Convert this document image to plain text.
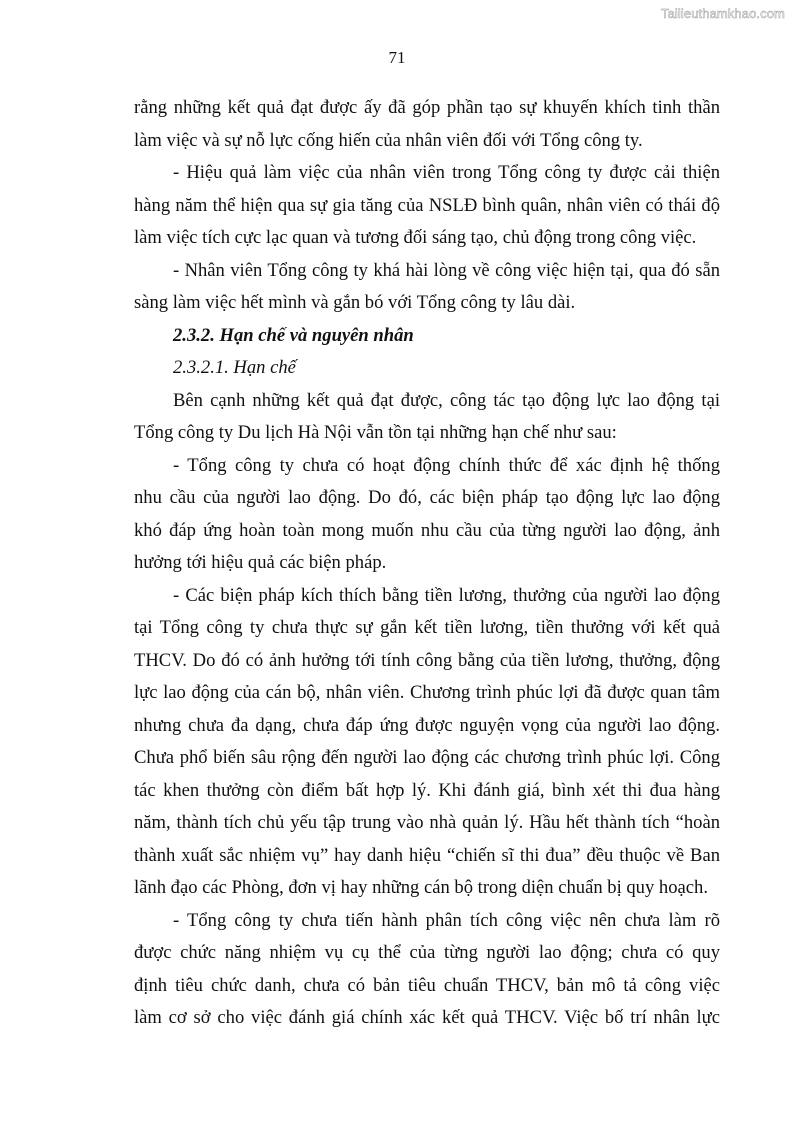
Tailieuthamkhao.com
71
rằng những kết quả đạt được ấy đã góp phần tạo sự khuyến khích tinh thần
làm việc và sự nỗ lực cống hiến của nhân viên đối với Tổng công ty.
- Hiệu quả làm việc của nhân viên trong Tổng công ty được cải thiện
hàng năm thể hiện qua sự gia tăng của NSLĐ bình quân, nhân viên có thái độ
làm việc tích cực lạc quan và tương đối sáng tạo, chủ động trong công việc.
- Nhân viên Tổng công ty khá hài lòng về công việc hiện tại, qua đó sẵn
sàng làm việc hết mình và gắn bó với Tổng công ty lâu dài.
2.3.2. Hạn chế và nguyên nhân
2.3.2.1. Hạn chế
Bên cạnh những kết quả đạt được, công tác tạo động lực lao động tại
Tổng công ty Du lịch Hà Nội vẫn tồn tại những hạn chế như sau:
- Tổng công ty chưa có hoạt động chính thức để xác định hệ thống
nhu cầu của người lao động. Do đó, các biện pháp tạo động lực lao động
khó đáp ứng hoàn toàn mong muốn nhu cầu của từng người lao động, ảnh
hưởng tới hiệu quả các biện pháp.
- Các biện pháp kích thích bằng tiền lương, thưởng của người lao động
tại Tổng công ty chưa thực sự gắn kết tiền lương, tiền thưởng với kết quả
THCV. Do đó có ảnh hưởng tới tính công bằng của tiền lương, thưởng, động
lực lao động của cán bộ, nhân viên. Chương trình phúc lợi đã được quan tâm
nhưng chưa đa dạng, chưa đáp ứng được nguyện vọng của người lao động.
Chưa phổ biến sâu rộng đến người lao động các chương trình phúc lợi. Công
tác khen thưởng còn điểm bất hợp lý. Khi đánh giá, bình xét thi đua hàng
năm, thành tích chủ yếu tập trung vào nhà quản lý. Hầu hết thành tích “hoàn
thành xuất sắc nhiệm vụ” hay danh hiệu “chiến sĩ thi đua” đều thuộc về Ban
lãnh đạo các Phòng, đơn vị hay những cán bộ trong diện chuẩn bị quy hoạch.
- Tổng công ty chưa tiến hành phân tích công việc nên chưa làm rõ
được chức năng nhiệm vụ cụ thể của từng người lao động; chưa có quy
định tiêu chức danh, chưa có bản tiêu chuẩn THCV, bản mô tả công việc
làm cơ sở cho việc đánh giá chính xác kết quả THCV. Việc bố trí nhân lực
